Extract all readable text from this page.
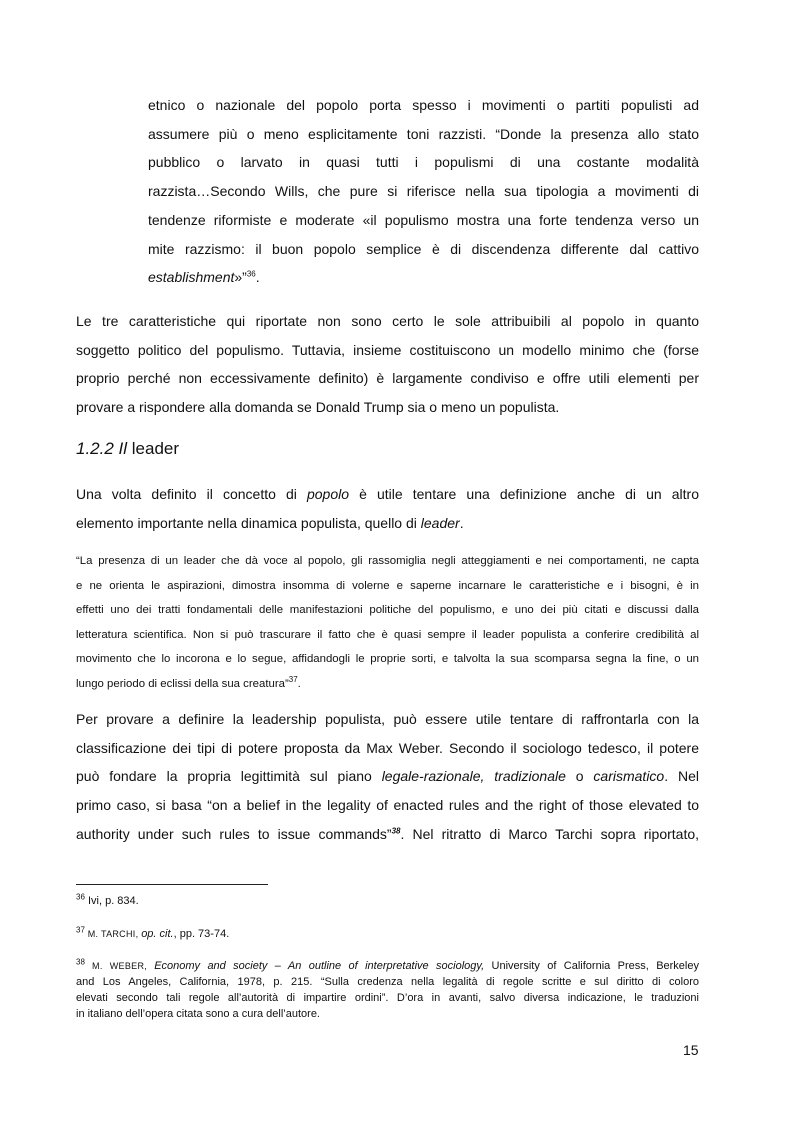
etnico o nazionale del popolo porta spesso i movimenti o partiti populisti ad
assumere più o meno esplicitamente toni razzisti. “Donde la presenza allo stato
pubblico o larvato in quasi tutti i populismi di una costante modalità
razzista…Secondo Wills, che pure si riferisce nella sua tipologia a movimenti di
tendenze riformiste e moderate «il populismo mostra una forte tendenza verso un
mite razzismo: il buon popolo semplice è di discendenza differente dal cattivo
establishment»”$^{36}$.
Le tre caratteristiche qui riportate non sono certo le sole attribuibili al popolo in quanto
soggetto politico del populismo. Tuttavia, insieme costituiscono un modello minimo che (forse
proprio perché non eccessivamente definito) è largamente condiviso e offre utili elementi per
provare a rispondere alla domanda se Donald Trump sia o meno un populista.
1.2.2 Il leader
Una volta definito il concetto di popolo è utile tentare una definizione anche di un altro
elemento importante nella dinamica populista, quello di leader.
“La presenza di un leader che dà voce al popolo, gli rassomiglia negli atteggiamenti e nei comportamenti, ne capta
e ne orienta le aspirazioni, dimostra insomma di volerne e saperne incarnare le caratteristiche e i bisogni, è in
effetti uno dei tratti fondamentali delle manifestazioni politiche del populismo, e uno dei più citati e discussi dalla
letteratura scientifica. Non si può trascurare il fatto che è quasi sempre il leader populista a conferire credibilità al
movimento che lo incorona e lo segue, affidandogli le proprie sorti, e talvolta la sua scomparsa segna la fine, o un
lungo periodo di eclissi della sua creatura”$^{37}$.
Per provare a definire la leadership populista, può essere utile tentare di raffrontarla con la
classificazione dei tipi di potere proposta da Max Weber. Secondo il sociologo tedesco, il potere
può fondare la propria legittimità sul piano legale-razionale, tradizionale o carismatico. Nel
primo caso, si basa “on a belief in the legality of enacted rules and the right of those elevated to
authority under such rules to issue commands”$^{38}$. Nel ritratto di Marco Tarchi sopra riportato,

$^{36}$ Ivi, p. 834.

$^{37}$ M. TARCHI, op. cit., pp. 73-74.

$^{38}$ M. WEBER, Economy and society – An outline of interpretative sociology, University of California Press, Berkeley
and Los Angeles, California, 1978, p. 215. “Sulla credenza nella legalità di regole scritte e sul diritto di coloro
elevati secondo tali regole all’autorità di impartire ordini”. D’ora in avanti, salvo diversa indicazione, le traduzioni
in italiano dell’opera citata sono a cura dell’autore.

15
